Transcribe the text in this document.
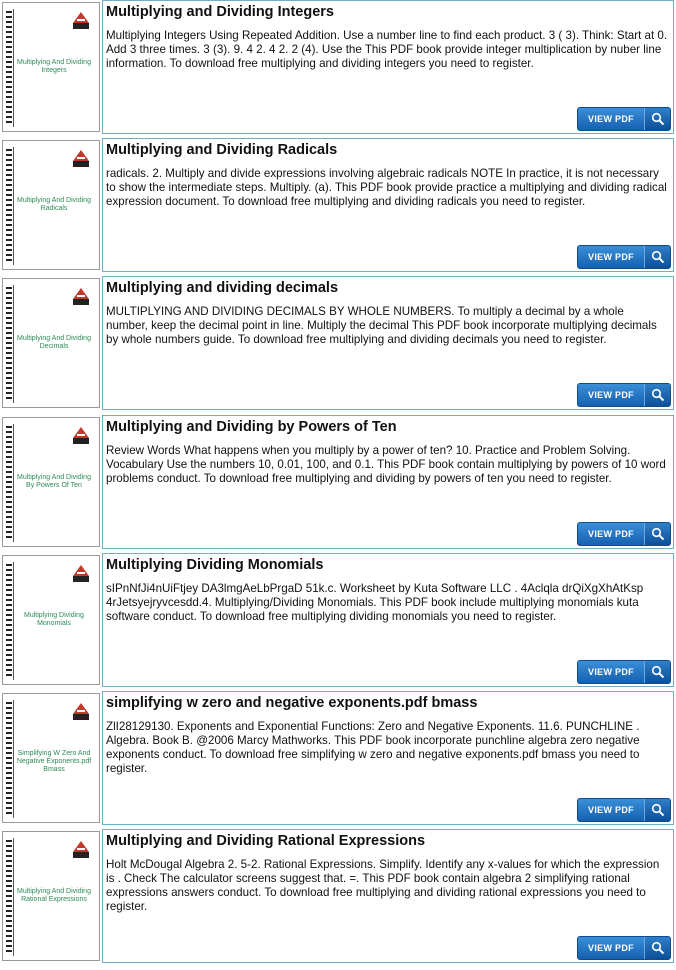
Multiplying And Dividing Integers
Multiplying and Dividing Integers
Multiplying Integers Using Repeated Addition. Use a number line to find each product. 3 ( 3). Think: Start at 0. Add 3 three times. 3 (3). 9. 4 2. 4 2. 2 (4). Use the This PDF book provide integer multiplication by nuber line information. To download free multiplying and dividing integers you need to register.
VIEW PDF
Multiplying And Dividing Radicals
Multiplying and Dividing Radicals
radicals. 2. Multiply and divide expressions involving algebraic radicals NOTE In practice, it is not necessary to show the intermediate steps. Multiply. (a). This PDF book provide practice a multiplying and dividing radical expression document. To download free multiplying and dividing radicals you need to register.
VIEW PDF
Multiplying And Dividing Decimals
Multiplying and dividing decimals
MULTIPLYING AND DIVIDING DECIMALS BY WHOLE NUMBERS. To multiply a decimal by a whole number, keep the decimal point in line. Multiply the decimal This PDF book incorporate multiplying decimals by whole numbers guide. To download free multiplying and dividing decimals you need to register.
VIEW PDF
Multiplying And Dividing By Powers Of Ten
Multiplying and Dividing by Powers of Ten
Review Words What happens when you multiply by a power of ten? 10. Practice and Problem Solving. Vocabulary Use the numbers 10, 0.01, 100, and 0.1. This PDF book contain multiplying by powers of 10 word problems conduct. To download free multiplying and dividing by powers of ten you need to register.
VIEW PDF
Multiplying Dividing Monomials
Multiplying Dividing Monomials
sIPnNfJi4nUiFtjey DA3lmgAeLbPrgaD 51k.c. Worksheet by Kuta Software LLC . 4Aclqla drQiXgXhAtKsp 4rJetsyejryvcesdd.4. Multiplying/Dividing Monomials. This PDF book include multiplying monomials kuta software conduct. To download free multiplying dividing monomials you need to register.
VIEW PDF
Simplifying W Zero And Negative Exponents.pdf Bmass
simplifying w zero and negative exponents.pdf bmass
ZlI28129130. Exponents and Exponential Functions: Zero and Negative Exponents. 11.6. PUNCHLINE . Algebra. Book B. @2006 Marcy Mathworks. This PDF book incorporate punchline algebra zero negative exponents conduct. To download free simplifying w zero and negative exponents.pdf bmass you need to register.
VIEW PDF
Multiplying And Dividing Rational Expressions
Multiplying and Dividing Rational Expressions
Holt McDougal Algebra 2. 5-2. Rational Expressions. Simplify. Identify any x-values for which the expression is . Check The calculator screens suggest that. =. This PDF book contain algebra 2 simplifying rational expressions answers conduct. To download free multiplying and dividing rational expressions you need to register.
VIEW PDF
